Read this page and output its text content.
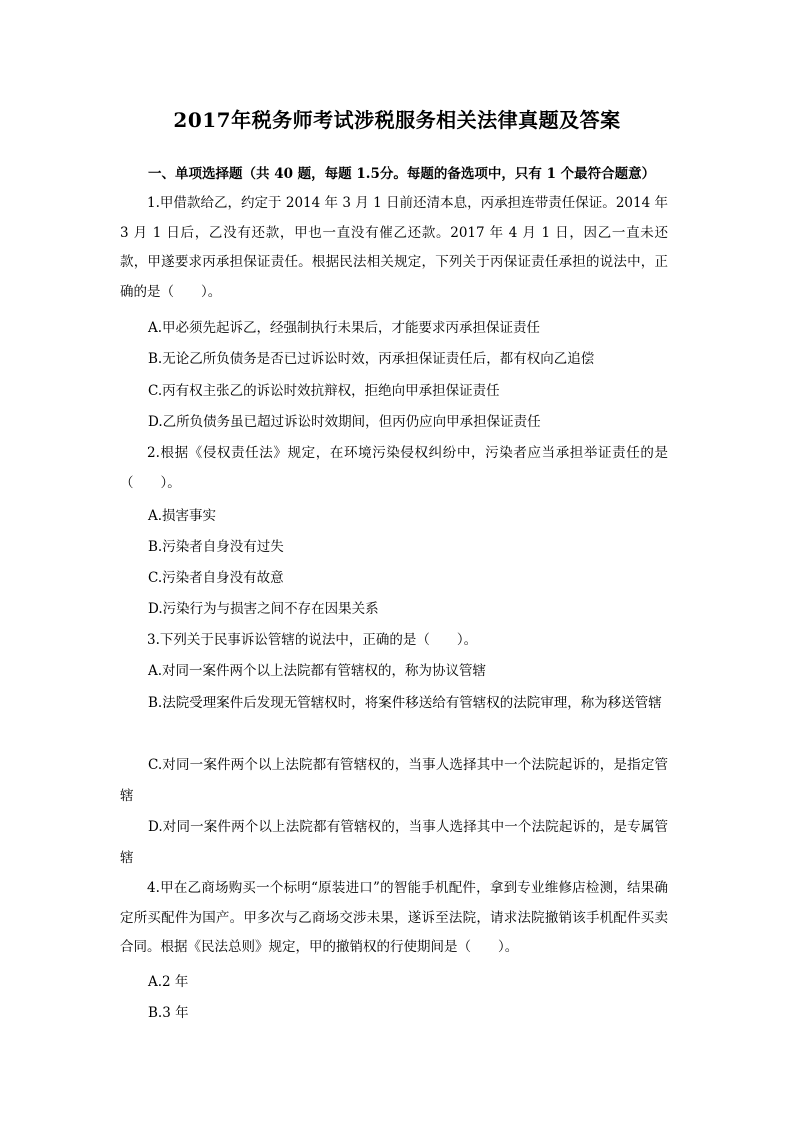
2017年税务师考试涉税服务相关法律真题及答案
一、单项选择题（共 40 题，每题 1.5分。每题的备选项中，只有 1 个最符合题意）

1.甲借款给乙，约定于 2014 年 3 月 1 日前还清本息，丙承担连带责任保证。2014 年 3 月 1 日后，乙没有还款，甲也一直没有催乙还款。2017 年 4 月 1 日，因乙一直未还款，甲遂要求丙承担保证责任。根据民法相关规定，下列关于丙保证责任承担的说法中，正确的是（　　）。

A.甲必须先起诉乙，经强制执行未果后，才能要求丙承担保证责任

B.无论乙所负债务是否已过诉讼时效，丙承担保证责任后，都有权向乙追偿

C.丙有权主张乙的诉讼时效抗辩权，拒绝向甲承担保证责任

D.乙所负债务虽已超过诉讼时效期间，但丙仍应向甲承担保证责任

2.根据《侵权责任法》规定，在环境污染侵权纠纷中，污染者应当承担举证责任的是（　　）。

A.损害事实

B.污染者自身没有过失

C.污染者自身没有故意

D.污染行为与损害之间不存在因果关系

3.下列关于民事诉讼管辖的说法中，正确的是（　　）。

A.对同一案件两个以上法院都有管辖权的，称为协议管辖

B.法院受理案件后发现无管辖权时，将案件移送给有管辖权的法院审理，称为移送管辖

C.对同一案件两个以上法院都有管辖权的，当事人选择其中一个法院起诉的，是指定管辖

D.对同一案件两个以上法院都有管辖权的，当事人选择其中一个法院起诉的，是专属管辖

4.甲在乙商场购买一个标明“原装进口”的智能手机配件，拿到专业维修店检测，结果确定所买配件为国产。甲多次与乙商场交涉未果，遂诉至法院，请求法院撤销该手机配件买卖合同。根据《民法总则》规定，甲的撤销权的行使期间是（　　）。

A.2 年

B.3 年
